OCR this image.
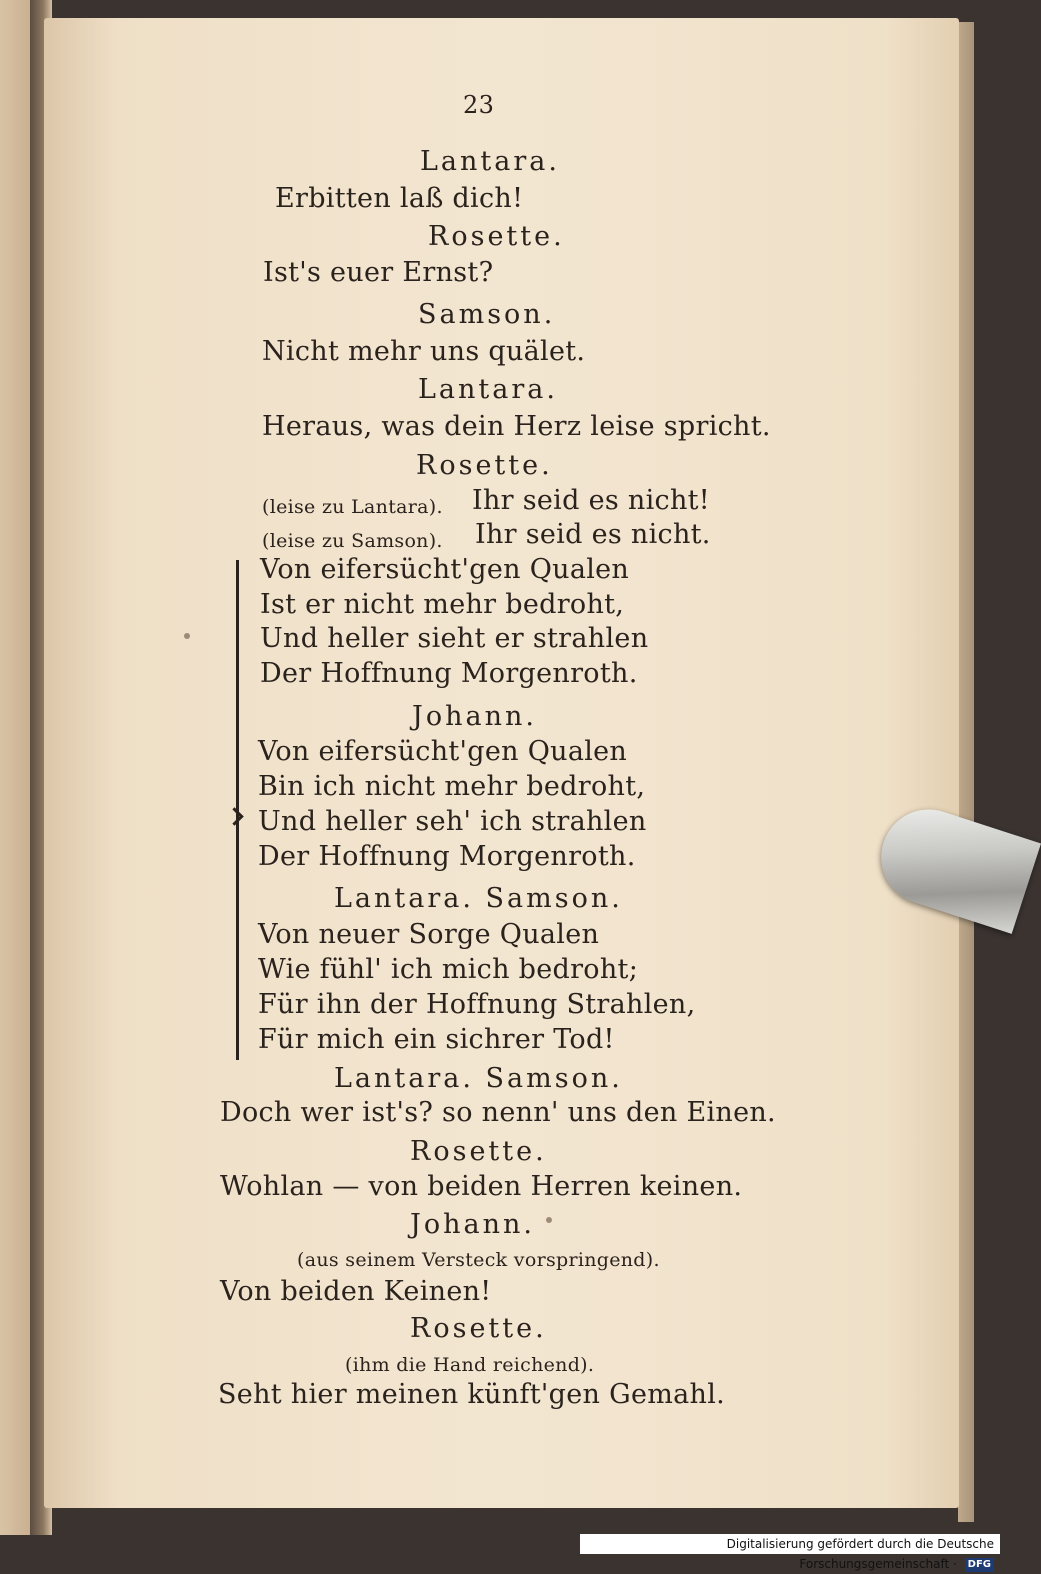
23
Lantara.
Erbitten laß dich!
Rosette.
Ist's euer Ernst?
Samson.
Nicht mehr uns quälet.
Lantara.
Heraus, was dein Herz leise spricht.
Rosette.
(leise zu Lantara). Ihr seid es nicht!
(leise zu Samson). Ihr seid es nicht.
Von eifersücht'gen Qualen
Ist er nicht mehr bedroht,
Und heller sieht er strahlen
Der Hoffnung Morgenroth.
Johann.
Von eifersücht'gen Qualen
Bin ich nicht mehr bedroht,
Und heller seh' ich strahlen
Der Hoffnung Morgenroth.
Lantara. Samson.
Von neuer Sorge Qualen
Wie fühl' ich mich bedroht;
Für ihn der Hoffnung Strahlen,
Für mich ein sichrer Tod!
Lantara. Samson.
Doch wer ist's? so nenn' uns den Einen.
Rosette.
Wohlan — von beiden Herren keinen.
Johann.
(aus seinem Versteck vorspringend).
Von beiden Keinen!
Rosette.
(ihm die Hand reichend).
Seht hier meinen künft'gen Gemahl.
Digitalisierung gefördert durch die Deutsche Forschungsgemeinschaft · DFG
